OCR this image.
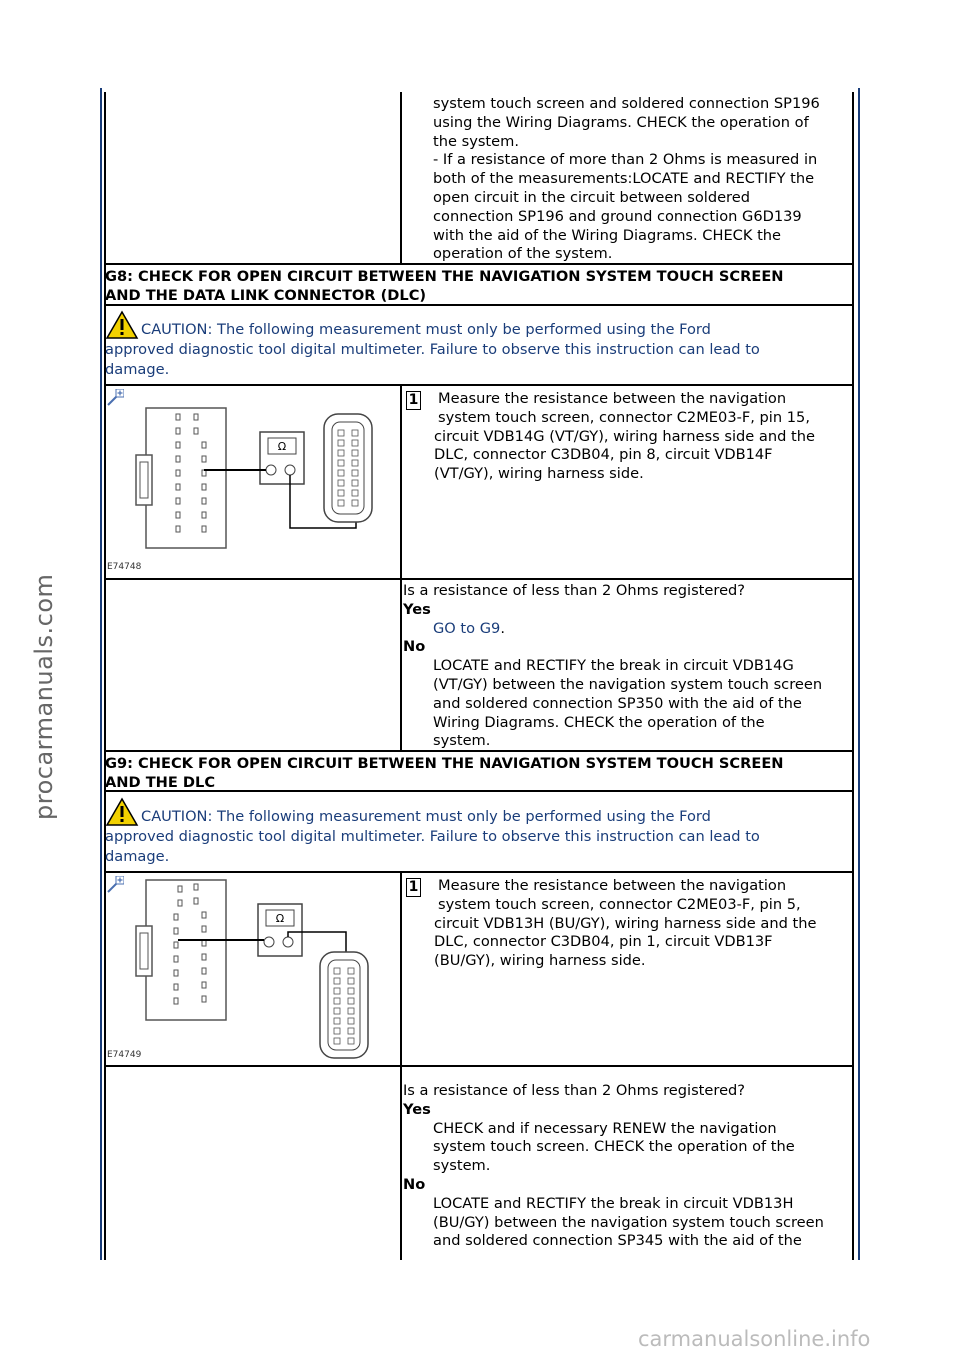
system touch screen and soldered connection SP196
using the Wiring Diagrams. CHECK the operation of
the system.
- If a resistance of more than 2 Ohms is measured in
both of the measurements:LOCATE and RECTIFY the
open circuit in the circuit between soldered
connection SP196 and ground connection G6D139
with the aid of the Wiring Diagrams. CHECK the
operation of the system.
G8: CHECK FOR OPEN CIRCUIT BETWEEN THE NAVIGATION SYSTEM TOUCH SCREEN
AND THE DATA LINK CONNECTOR (DLC)
CAUTION: The following measurement must only be performed using the Ford
approved diagnostic tool digital multimeter. Failure to observe this instruction can lead to
damage.
Ω
E74748
1	Measure the resistance between the navigation
system touch screen, connector C2ME03-F, pin 15,
circuit VDB14G (VT/GY), wiring harness side and the
DLC, connector C3DB04, pin 8, circuit VDB14F
(VT/GY), wiring harness side.
Is a resistance of less than 2 Ohms registered?
Yes
GO to G9.
No
LOCATE and RECTIFY the break in circuit VDB14G
(VT/GY) between the navigation system touch screen
and soldered connection SP350 with the aid of the
Wiring Diagrams. CHECK the operation of the
system.
G9: CHECK FOR OPEN CIRCUIT BETWEEN THE NAVIGATION SYSTEM TOUCH SCREEN
AND THE DLC
CAUTION: The following measurement must only be performed using the Ford
approved diagnostic tool digital multimeter. Failure to observe this instruction can lead to
damage.
Ω
E74749
1	Measure the resistance between the navigation
system touch screen, connector C2ME03-F, pin 5,
circuit VDB13H (BU/GY), wiring harness side and the
DLC, connector C3DB04, pin 1, circuit VDB13F
(BU/GY), wiring harness side.
Is a resistance of less than 2 Ohms registered?
Yes
CHECK and if necessary RENEW the navigation
system touch screen. CHECK the operation of the
system.
No
LOCATE and RECTIFY the break in circuit VDB13H
(BU/GY) between the navigation system touch screen
and soldered connection SP345 with the aid of the
procarmanuals.com
carmanualsonline.info
